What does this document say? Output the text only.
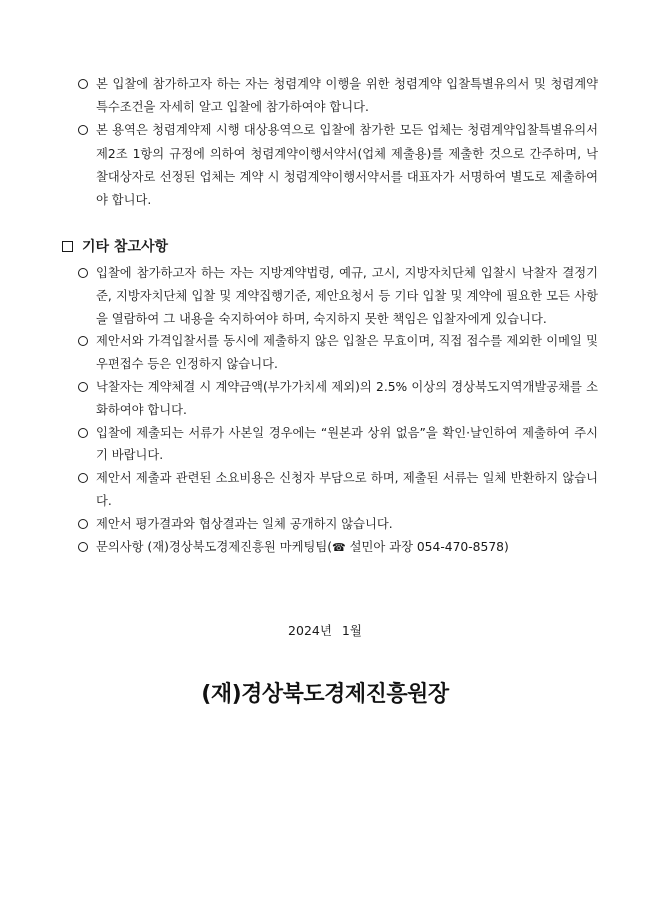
본 입찰에 참가하고자 하는 자는 청렴계약 이행을 위한 청렴계약 입찰특별유의서 및 청렴계약 특수조건을 자세히 알고 입찰에 참가하여야 합니다.

본 용역은 청렴계약제 시행 대상용역으로 입찰에 참가한 모든 업체는 청렴계약입찰특별유의서 제2조 1항의 규정에 의하여 청렴계약이행서약서(업체 제출용)를 제출한 것으로 간주하며, 낙찰대상자로 선정된 업체는 계약 시 청렴계약이행서약서를 대표자가 서명하여 별도로 제출하여야 합니다.

기타 참고사항

입찰에 참가하고자 하는 자는 지방계약법령, 예규, 고시, 지방자치단체 입찰시 낙찰자 결정기준, 지방자치단체 입찰 및 계약집행기준, 제안요청서 등 기타 입찰 및 계약에 필요한 모든 사항을 열람하여 그 내용을 숙지하여야 하며, 숙지하지 못한 책임은 입찰자에게 있습니다.

제안서와 가격입찰서를 동시에 제출하지 않은 입찰은 무효이며, 직접 접수를 제외한 이메일 및 우편접수 등은 인정하지 않습니다.

낙찰자는 계약체결 시 계약금액(부가가치세 제외)의 2.5% 이상의 경상북도지역개발공채를 소화하여야 합니다.

입찰에 제출되는 서류가 사본일 경우에는 “원본과 상위 없음”을 확인·날인하여 제출하여 주시기 바랍니다.

제안서 제출과 관련된 소요비용은 신청자 부담으로 하며, 제출된 서류는 일체 반환하지 않습니다.

제안서 평가결과와 협상결과는 일체 공개하지 않습니다.

문의사항 (재)경상북도경제진흥원 마케팅팀(☎ 설민아 과장 054-470-8578)

2024년 1월
(재)경상북도경제진흥원장
